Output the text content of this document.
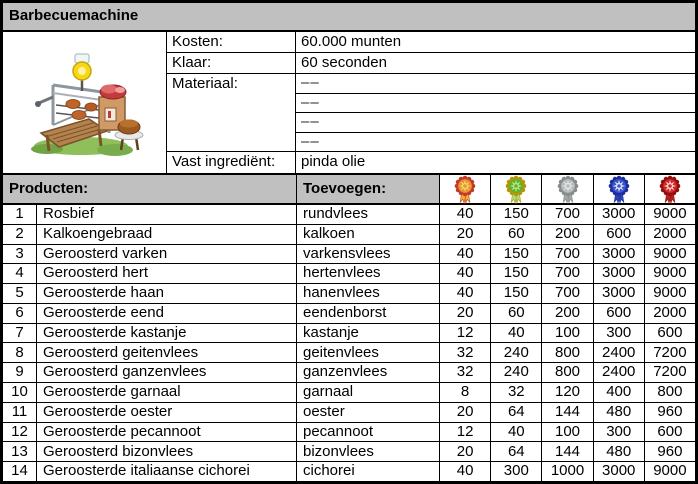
Barbecuemachine
Kosten:	60.000 munten
Klaar:	60 seconden
Materiaal:	––
––
––
––
Vast ingrediënt:	pinda olie
Producten:	Toevoegen:
1	Rosbief	rundvlees	40	150	700	3000	9000
2	Kalkoengebraad	kalkoen	20	60	200	600	2000
3	Geroosterd varken	varkensvlees	40	150	700	3000	9000
4	Geroosterd hert	hertenvlees	40	150	700	3000	9000
5	Geroosterde haan	hanenvlees	40	150	700	3000	9000
6	Geroosterde eend	eendenborst	20	60	200	600	2000
7	Geroosterde kastanje	kastanje	12	40	100	300	600
8	Geroosterd geitenvlees	geitenvlees	32	240	800	2400	7200
9	Geroosterd ganzenvlees	ganzenvlees	32	240	800	2400	7200
10	Geroosterde garnaal	garnaal	8	32	120	400	800
11	Geroosterde oester	oester	20	64	144	480	960
12	Geroosterde pecannoot	pecannoot	12	40	100	300	600
13	Geroosterd bizonvlees	bizonvlees	20	64	144	480	960
14	Geroosterde italiaanse cichorei	cichorei	40	300	1000	3000	9000
